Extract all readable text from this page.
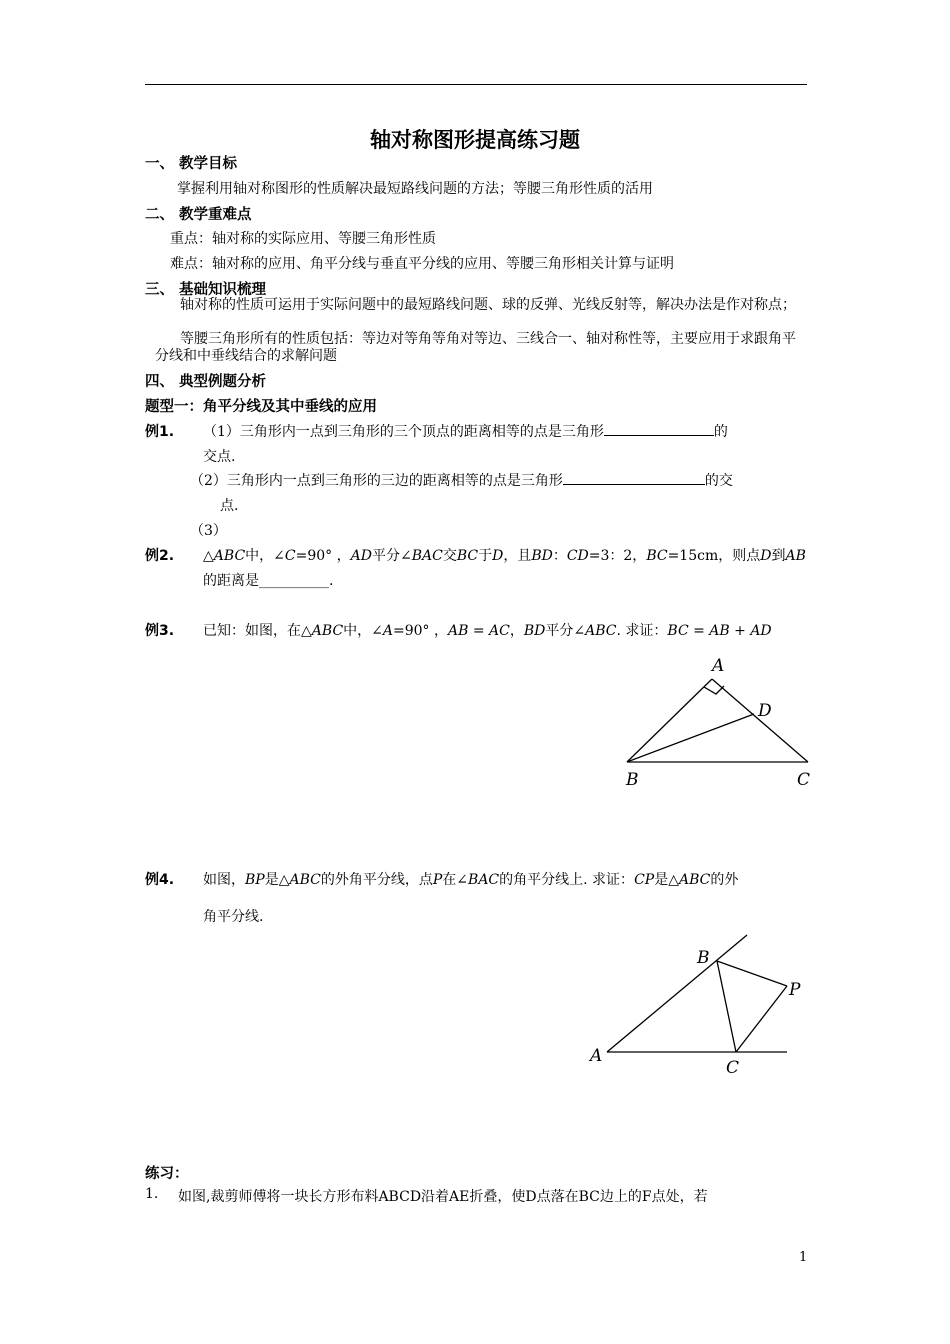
轴对称图形提高练习题
一、 教学目标
掌握利用轴对称图形的性质解决最短路线问题的方法；等腰三角形性质的活用
二、 教学重难点
重点：轴对称的实际应用、等腰三角形性质
难点：轴对称的应用、角平分线与垂直平分线的应用、等腰三角形相关计算与证明
三、 基础知识梳理
轴对称的性质可运用于实际问题中的最短路线问题、球的反弹、光线反射等，解决办法是作对称点；
等腰三角形所有的性质包括：等边对等角等角对等边、三线合一、轴对称性等，主要应用于求跟角平分线和中垂线结合的求解问题
四、 典型例题分析
题型一：角平分线及其中垂线的应用
例1. （1）三角形内一点到三角形的三个顶点的距离相等的点是三角形	的
交点.
（2）三角形内一点到三角形的三边的距离相等的点是三角形	的交
点.
（3）
例2. △ABC中，∠C=90° ，AD平分∠BAC交BC于D，且BD：CD=3：2，BC=15cm，则点D到AB
的距离是__________.
例3. 已知：如图，在△ABC中，∠A=90° ，AB = AC，BD平分∠ABC. 求证：BC = AB + AD
例4. 如图，BP是△ABC的外角平分线，点P在∠BAC的角平分线上. 求证：CP是△ABC的外
角平分线.
A
D
B	C
B
P
A
C
练习：
1. 如图,裁剪师傅将一块长方形布料ABCD沿着AE折叠，使D点落在BC边上的F点处，若
1
